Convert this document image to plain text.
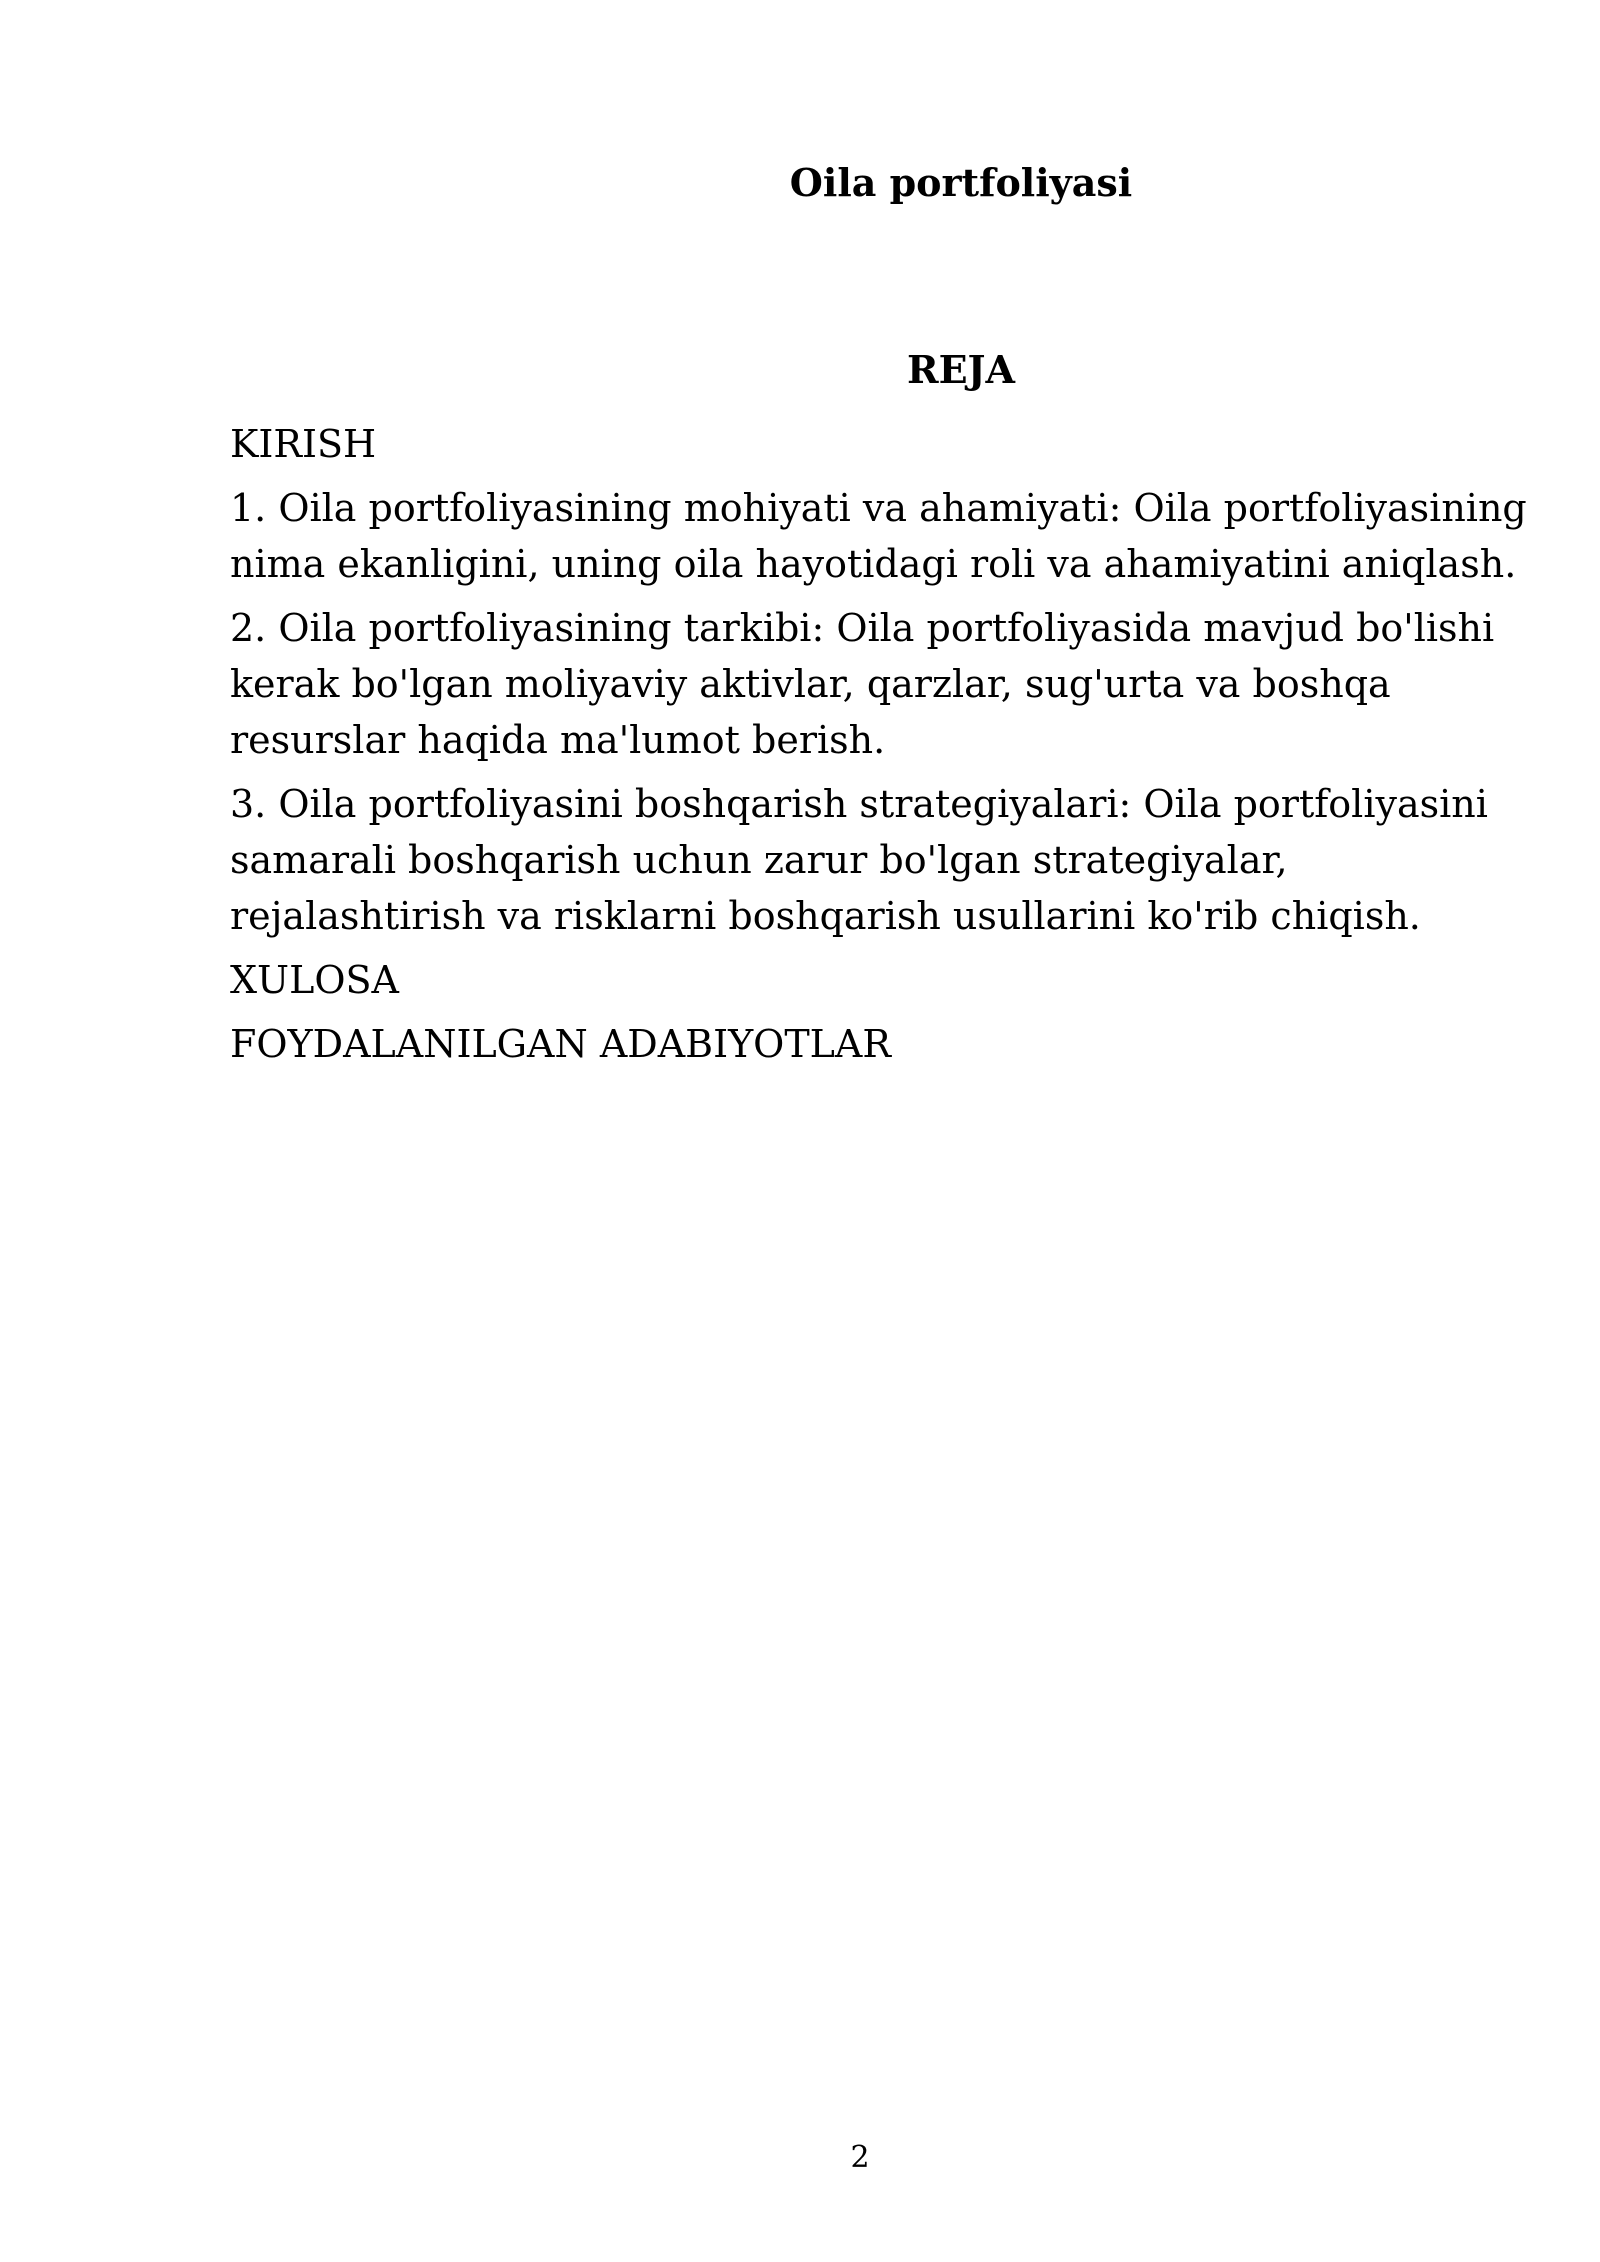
Oila portfoliyasi
REJA

KIRISH

1. Oila portfoliyasining mohiyati va ahamiyati: Oila portfoliyasining nima ekanligini, uning oila hayotidagi roli va ahamiyatini aniqlash.

2. Oila portfoliyasining tarkibi: Oila portfoliyasida mavjud bo'lishi kerak bo'lgan moliyaviy aktivlar, qarzlar, sug'urta va boshqa resurslar haqida ma'lumot berish.

3. Oila portfoliyasini boshqarish strategiyalari: Oila portfoliyasini samarali boshqarish uchun zarur bo'lgan strategiyalar, rejalashtirish va risklarni boshqarish usullarini ko'rib chiqish.

XULOSA

FOYDALANILGAN ADABIYOTLAR

2
